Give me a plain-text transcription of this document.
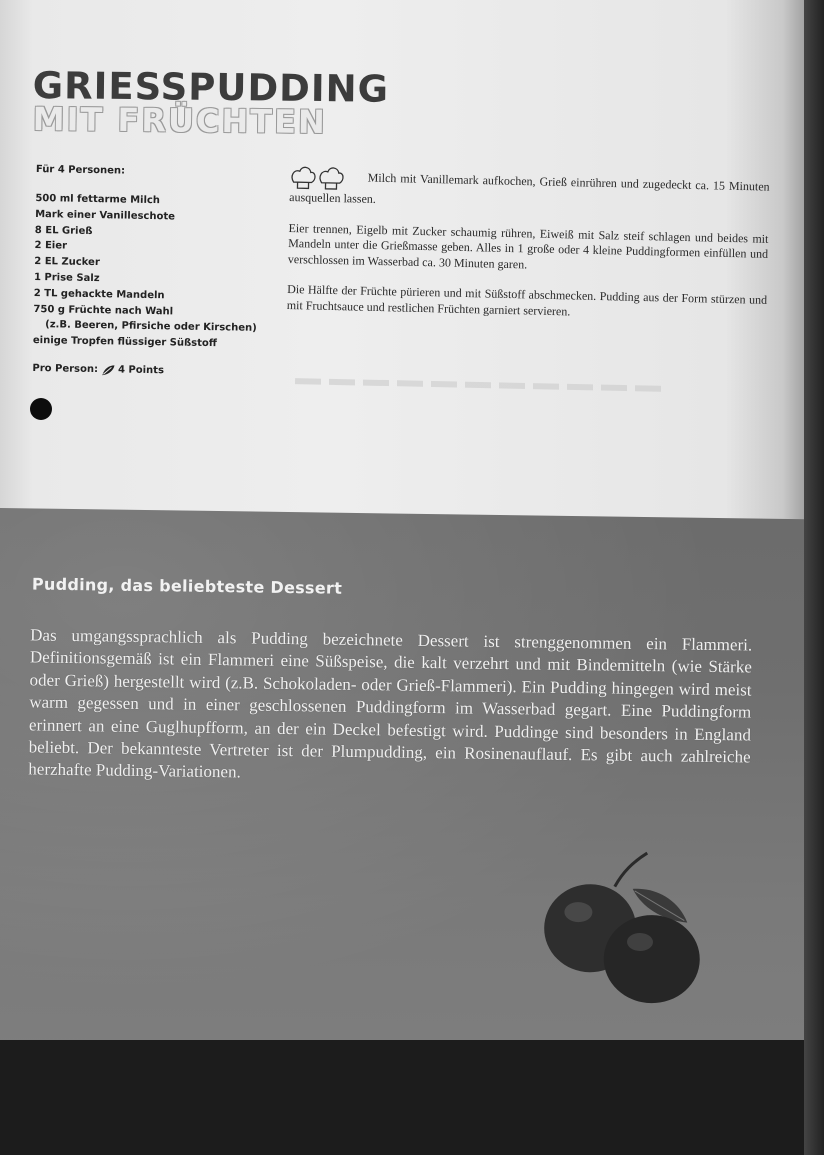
GRIESSPUDDING
MIT FRÜCHTEN

Für 4 Personen:

500 ml fettarme Milch
Mark einer Vanilleschote
8 EL Grieß
2 Eier
2 EL Zucker
1 Prise Salz
2 TL gehackte Mandeln
750 g Früchte nach Wahl
(z.B. Beeren, Pfirsiche oder Kirschen)
einige Tropfen flüssiger Süßstoff
Pro Person: 4 Points

Milch mit Vanillemark aufkochen, Grieß einrühren und zugedeckt ca. 15 Minuten ausquellen lassen.

Eier trennen, Eigelb mit Zucker schaumig rühren, Eiweiß mit Salz steif schlagen und beides mit Mandeln unter die Grießmasse geben. Alles in 1 große oder 4 kleine Puddingformen einfüllen und verschlossen im Wasserbad ca. 30 Minuten garen.

Die Hälfte der Früchte pürieren und mit Süßstoff abschmecken. Pudding aus der Form stürzen und mit Fruchtsauce und restlichen Früchten garniert servieren.

Pudding, das beliebteste Dessert

Das umgangssprachlich als Pudding bezeichnete Dessert ist strenggenommen ein Flammeri. Definitionsgemäß ist ein Flammeri eine Süßspeise, die kalt verzehrt und mit Bindemitteln (wie Stärke oder Grieß) hergestellt wird (z.B. Schokoladen- oder Grieß-Flammeri). Ein Pudding hingegen wird meist warm gegessen und in einer geschlossenen Puddingform im Wasserbad gegart. Eine Puddingform erinnert an eine Guglhupfform, an der ein Deckel befestigt wird. Puddinge sind besonders in England beliebt. Der bekannteste Vertreter ist der Plumpudding, ein Rosinenauflauf. Es gibt auch zahlreiche herzhafte Pudding-Variationen.
